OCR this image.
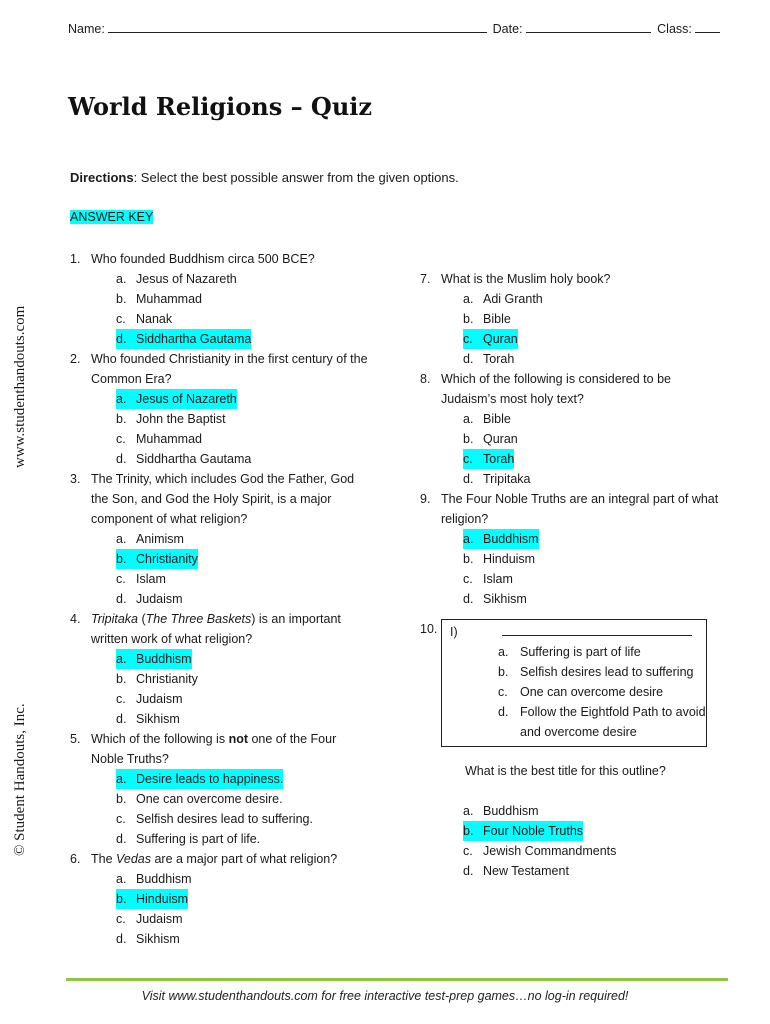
Name:	Date:	Class:
World Religions – Quiz
Directions: Select the best possible answer from the given options.
ANSWER KEY
www.studenthandouts.com
© Student Handouts, Inc.
1. Who founded Buddhism circa 500 BCE?
a. Jesus of Nazareth
b. Muhammad
c. Nanak
d. Siddhartha Gautama
2. Who founded Christianity in the first century of the Common Era?
a. Jesus of Nazareth
b. John the Baptist
c. Muhammad
d. Siddhartha Gautama
3. The Trinity, which includes God the Father, God the Son, and God the Holy Spirit, is a major component of what religion?
a. Animism
b. Christianity
c. Islam
d. Judaism
4. Tripitaka (The Three Baskets) is an important written work of what religion?
a. Buddhism
b. Christianity
c. Judaism
d. Sikhism
5. Which of the following is not one of the Four Noble Truths?
a. Desire leads to happiness.
b. One can overcome desire.
c. Selfish desires lead to suffering.
d. Suffering is part of life.
6. The Vedas are a major part of what religion?
a. Buddhism
b. Hinduism
c. Judaism
d. Sikhism
7. What is the Muslim holy book?
a. Adi Granth
b. Bible
c. Quran
d. Torah
8. Which of the following is considered to be Judaism’s most holy text?
a. Bible
b. Quran
c. Torah
d. Tripitaka
9. The Four Noble Truths are an integral part of what religion?
a. Buddhism
b. Hinduism
c. Islam
d. Sikhism
10. I)
a. Suffering is part of life
b. Selfish desires lead to suffering
c. One can overcome desire
d. Follow the Eightfold Path to avoid and overcome desire
What is the best title for this outline?
a. Buddhism
b. Four Noble Truths
c. Jewish Commandments
d. New Testament
Visit www.studenthandouts.com for free interactive test-prep games…no log-in required!
